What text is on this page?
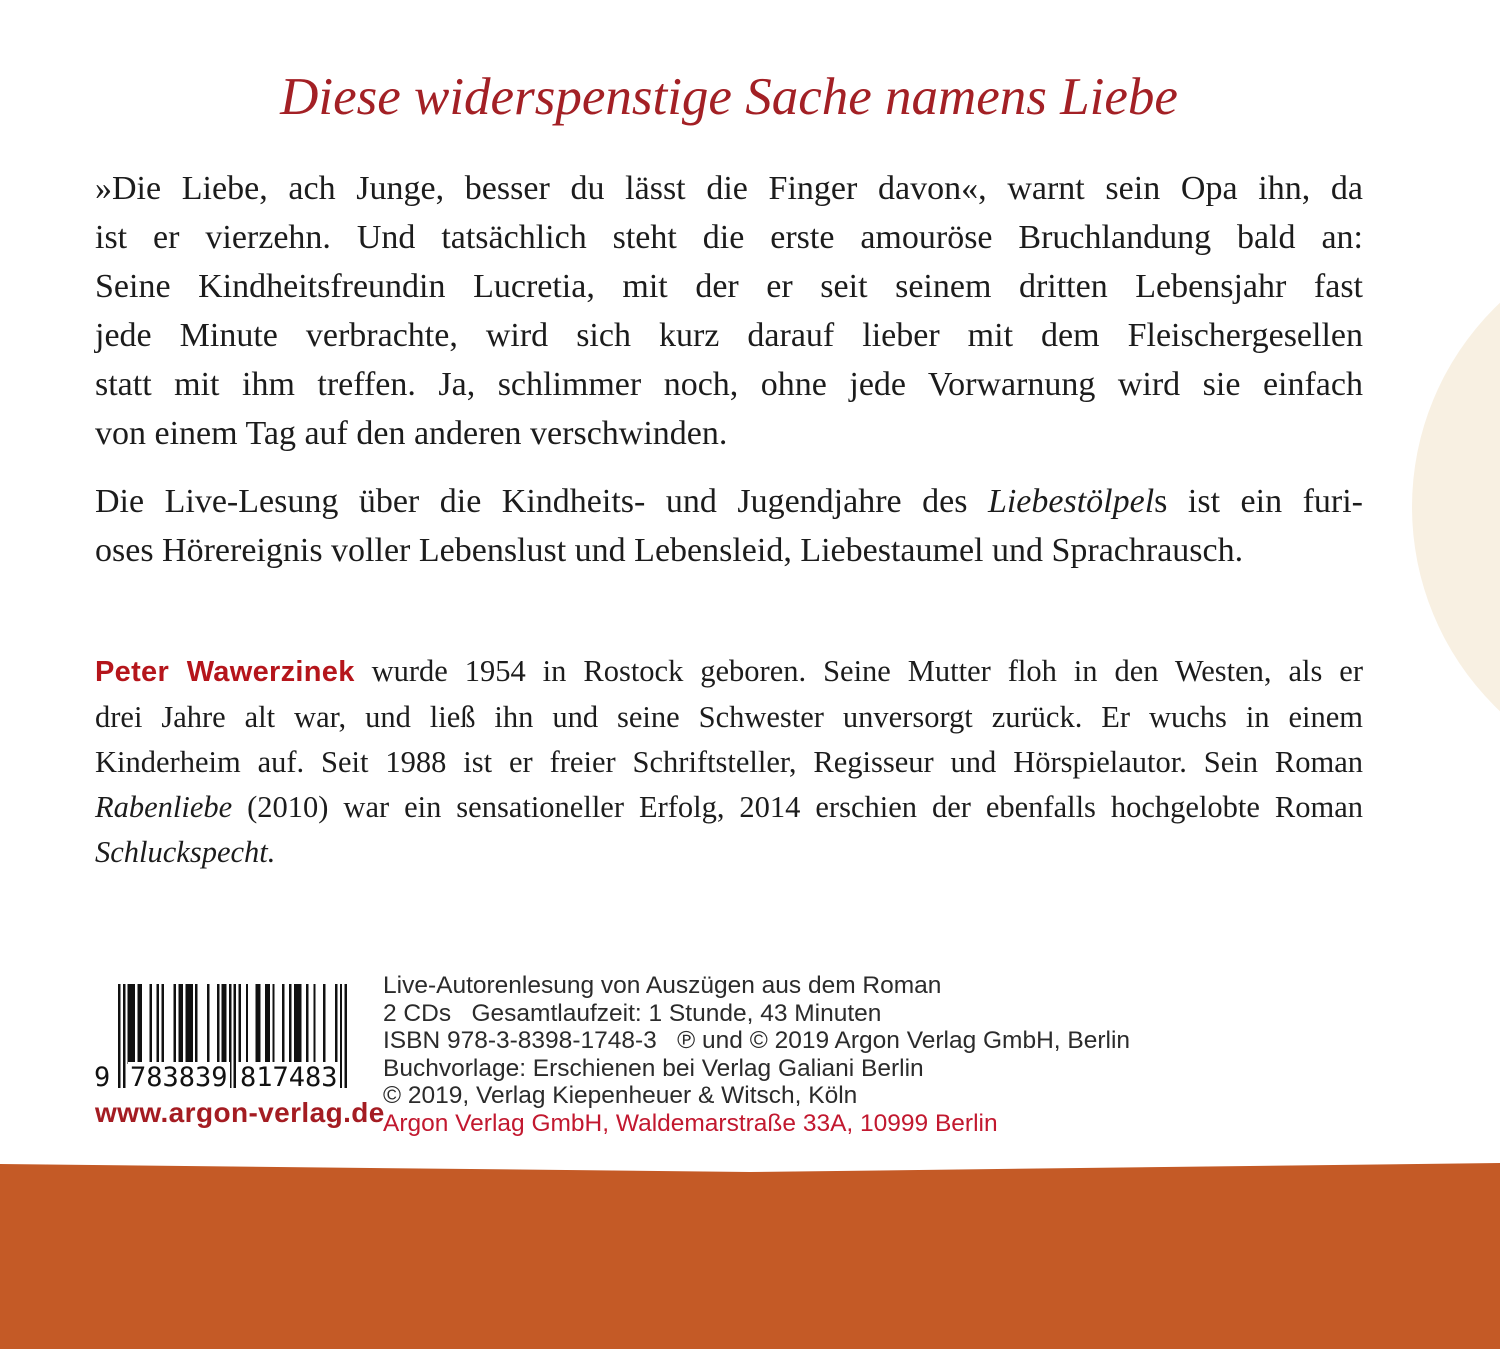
Diese widerspenstige Sache namens Liebe
»Die Liebe, ach Junge, besser du lässt die Finger davon«, warnt sein Opa ihn, da
ist er vierzehn. Und tatsächlich steht die erste amouröse Bruchlandung bald an:
Seine Kindheitsfreundin Lucretia, mit der er seit seinem dritten Lebensjahr fast
jede Minute verbrachte, wird sich kurz darauf lieber mit dem Fleischergesellen
statt mit ihm treffen. Ja, schlimmer noch, ohne jede Vorwarnung wird sie einfach
von einem Tag auf den anderen verschwinden.
Die Live-Lesung über die Kindheits- und Jugendjahre des Liebestölpels ist ein furi-
oses Hörereignis voller Lebenslust und Lebensleid, Liebestaumel und Sprachrausch.
Peter Wawerzinek wurde 1954 in Rostock geboren. Seine Mutter floh in den Westen, als er
drei Jahre alt war, und ließ ihn und seine Schwester unversorgt zurück. Er wuchs in einem
Kinderheim auf. Seit 1988 ist er freier Schriftsteller, Regisseur und Hörspielautor. Sein Roman
Rabenliebe (2010) war ein sensationeller Erfolg, 2014 erschien der ebenfalls hochgelobte Roman
Schluckspecht.
9 783839 817483
www.argon-verlag.de
Live-Autorenlesung von Auszügen aus dem Roman
2 CDs   Gesamtlaufzeit: 1 Stunde, 43 Minuten
ISBN 978-3-8398-1748-3   ℗ und © 2019 Argon Verlag GmbH, Berlin
Buchvorlage: Erschienen bei Verlag Galiani Berlin
© 2019, Verlag Kiepenheuer & Witsch, Köln
Argon Verlag GmbH, Waldemarstraße 33A, 10999 Berlin
